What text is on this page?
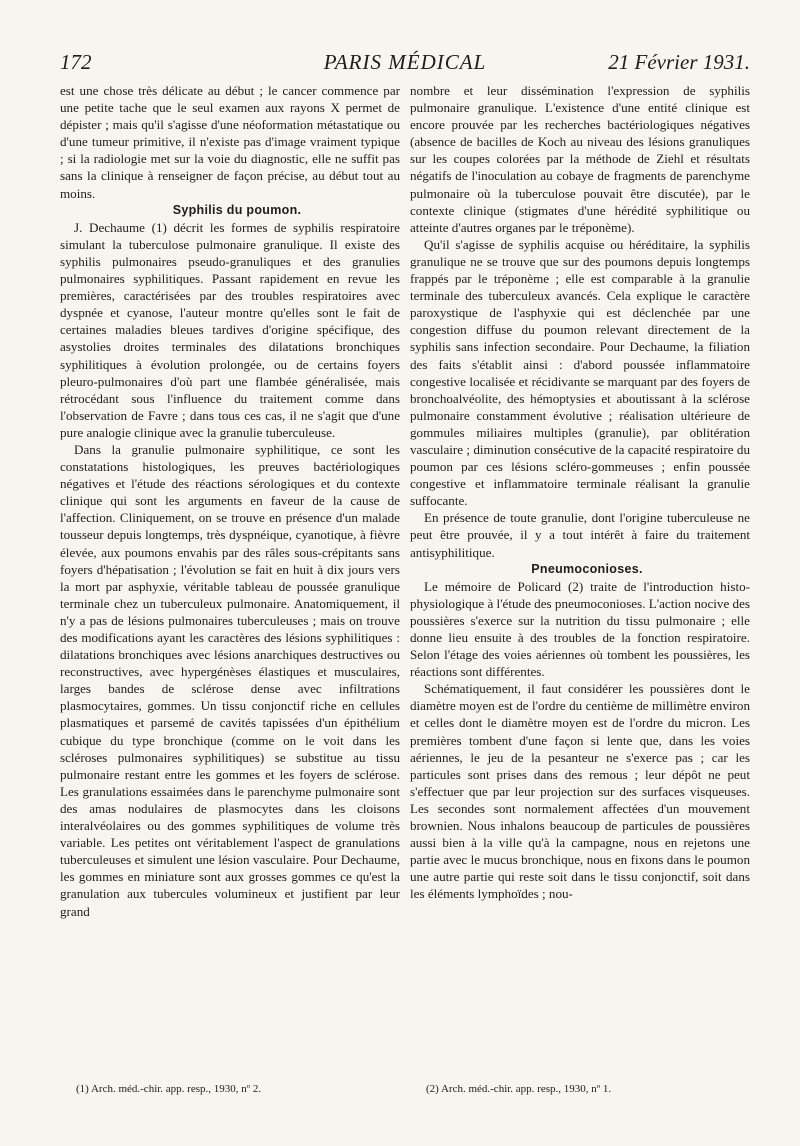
172	PARIS MÉDICAL	21 Février 1931.

est une chose très délicate au début ; le cancer commence par une petite tache que le seul examen aux rayons X permet de dépister ; mais qu'il s'agisse d'une néoformation métastatique ou d'une tumeur primitive, il n'existe pas d'image vraiment typique ; si la radiologie met sur la voie du diagnostic, elle ne suffit pas sans la clinique à renseigner de façon précise, au début tout au moins.

Syphilis du poumon.

J. Dechaume (1) décrit les formes de syphilis respiratoire simulant la tuberculose pulmonaire granulique. Il existe des syphilis pulmonaires pseudo-granuliques et des granulies pulmonaires syphilitiques. Passant rapidement en revue les premières, caractérisées par des troubles respiratoires avec dyspnée et cyanose, l'auteur montre qu'elles sont le fait de certaines maladies bleues tardives d'origine spécifique, des asystolies droites terminales des dilatations bronchiques syphilitiques à évolution prolongée, ou de certains foyers pleuro-pulmonaires d'où part une flambée généralisée, mais rétrocédant sous l'influence du traitement comme dans l'observation de Favre ; dans tous ces cas, il ne s'agit que d'une pure analogie clinique avec la granulie tuberculeuse.

Dans la granulie pulmonaire syphilitique, ce sont les constatations histologiques, les preuves bactériologiques négatives et l'étude des réactions sérologiques et du contexte clinique qui sont les arguments en faveur de la cause de l'affection. Cliniquement, on se trouve en présence d'un malade tousseur depuis longtemps, très dyspnéique, cyanotique, à fièvre élevée, aux poumons envahis par des râles sous-crépitants sans foyers d'hépatisation ; l'évolution se fait en huit à dix jours vers la mort par asphyxie, véritable tableau de poussée granulique terminale chez un tuberculeux pulmonaire. Anatomiquement, il n'y a pas de lésions pulmonaires tuberculeuses ; mais on trouve des modifications ayant les caractères des lésions syphilitiques : dilatations bronchiques avec lésions anarchiques destructives ou reconstructives, avec hypergénèses élastiques et musculaires, larges bandes de sclérose dense avec infiltrations plasmocytaires, gommes. Un tissu conjonctif riche en cellules plasmatiques et parsemé de cavités tapissées d'un épithélium cubique du type bronchique (comme on le voit dans les scléroses pulmonaires syphilitiques) se substitue au tissu pulmonaire restant entre les gommes et les foyers de sclérose. Les granulations essaimées dans le parenchyme pulmonaire sont des amas nodulaires de plasmocytes dans les cloisons interalvéolaires ou des gommes syphilitiques de volume très variable. Les petites ont véritablement l'aspect de granulations tuberculeuses et simulent une lésion vasculaire. Pour Dechaume, les gommes en miniature sont aux grosses gommes ce qu'est la granulation aux tubercules volumineux et justifient par leur grand

nombre et leur dissémination l'expression de syphilis pulmonaire granulique. L'existence d'une entité clinique est encore prouvée par les recherches bactériologiques négatives (absence de bacilles de Koch au niveau des lésions granuliques sur les coupes colorées par la méthode de Ziehl et résultats négatifs de l'inoculation au cobaye de fragments de parenchyme pulmonaire où la tuberculose pouvait être discutée), par le contexte clinique (stigmates d'une hérédité syphilitique ou atteinte d'autres organes par le tréponème).

Qu'il s'agisse de syphilis acquise ou héréditaire, la syphilis granulique ne se trouve que sur des poumons depuis longtemps frappés par le tréponème ; elle est comparable à la granulie terminale des tuberculeux avancés. Cela explique le caractère paroxystique de l'asphyxie qui est déclenchée par une congestion diffuse du poumon relevant directement de la syphilis sans infection secondaire. Pour Dechaume, la filiation des faits s'établit ainsi : d'abord poussée inflammatoire congestive localisée et récidivante se marquant par des foyers de bronchoalvéolite, des hémoptysies et aboutissant à la sclérose pulmonaire constamment évolutive ; réalisation ultérieure de gommules miliaires multiples (granulie), par oblitération vasculaire ; diminution consécutive de la capacité respiratoire du poumon par ces lésions scléro-gommeuses ; enfin poussée congestive et inflammatoire terminale réalisant la granulie suffocante.

En présence de toute granulie, dont l'origine tuberculeuse ne peut être prouvée, il y a tout intérêt à faire du traitement antisyphilitique.

Pneumoconioses.

Le mémoire de Policard (2) traite de l'introduction histo-physiologique à l'étude des pneumoconioses. L'action nocive des poussières s'exerce sur la nutrition du tissu pulmonaire ; elle donne lieu ensuite à des troubles de la fonction respiratoire. Selon l'étage des voies aériennes où tombent les poussières, les réactions sont différentes.

Schématiquement, il faut considérer les poussières dont le diamètre moyen est de l'ordre du centième de millimètre environ et celles dont le diamètre moyen est de l'ordre du micron. Les premières tombent d'une façon si lente que, dans les voies aériennes, le jeu de la pesanteur ne s'exerce pas ; car les particules sont prises dans des remous ; leur dépôt ne peut s'effectuer que par leur projection sur des surfaces visqueuses. Les secondes sont normalement affectées d'un mouvement brownien. Nous inhalons beaucoup de particules de poussières aussi bien à la ville qu'à la campagne, nous en rejetons une partie avec le mucus bronchique, nous en fixons dans le poumon une autre partie qui reste soit dans le tissu conjonctif, soit dans les éléments lymphoïdes ; nou-

(1) Arch. méd.-chir. app. resp., 1930, nº 2.	(2) Arch. méd.-chir. app. resp., 1930, nº 1.
